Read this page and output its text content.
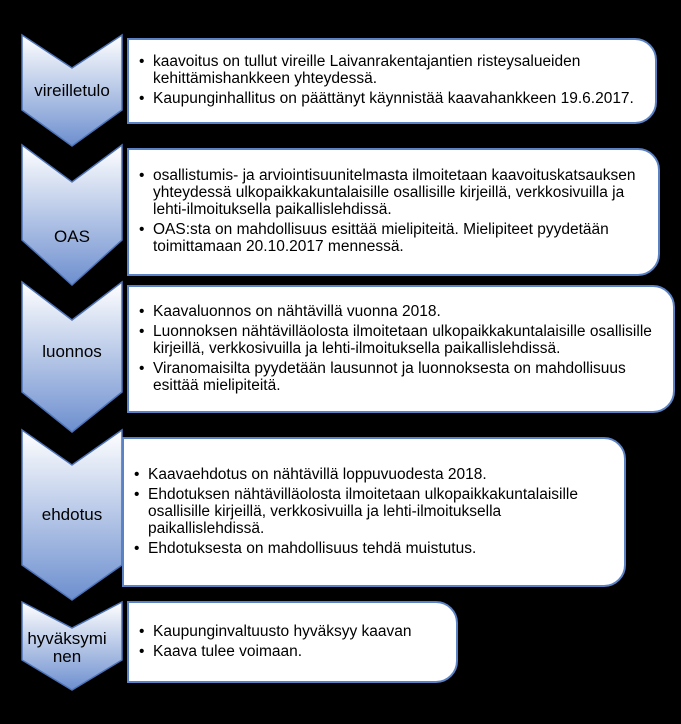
vireilletulo
OAS
luonnos
ehdotus
hyväksymi nen
• kaavoitus on tullut vireille Laivanrakentajantien risteysalueiden kehittämishankkeen yhteydessä.
• Kaupunginhallitus on päättänyt käynnistää kaavahankkeen 19.6.2017.
• osallistumis- ja arviointisuunitelmasta ilmoitetaan kaavoituskatsauksen yhteydessä ulkopaikkakuntalaisille osallisille kirjeillä, verkkosivuilla ja lehti-ilmoituksella paikallislehdissä.
• OAS:sta on mahdollisuus esittää mielipiteitä. Mielipiteet pyydetään toimittamaan 20.10.2017 mennessä.
• Kaavaluonnos on nähtävillä vuonna 2018.
• Luonnoksen nähtävilläolosta ilmoitetaan ulkopaikkakuntalaisille osallisille kirjeillä, verkkosivuilla ja lehti-ilmoituksella paikallislehdissä.
• Viranomaisilta pyydetään lausunnot ja luonnoksesta on mahdollisuus esittää mielipiteitä.
• Kaavaehdotus on nähtävillä loppuvuodesta 2018.
• Ehdotuksen nähtävilläolosta ilmoitetaan ulkopaikkakuntalaisille osallisille kirjeillä, verkkosivuilla ja lehti-ilmoituksella paikallislehdissä.
• Ehdotuksesta on mahdollisuus tehdä muistutus.
• Kaupunginvaltuusto hyväksyy kaavan
• Kaava tulee voimaan.
